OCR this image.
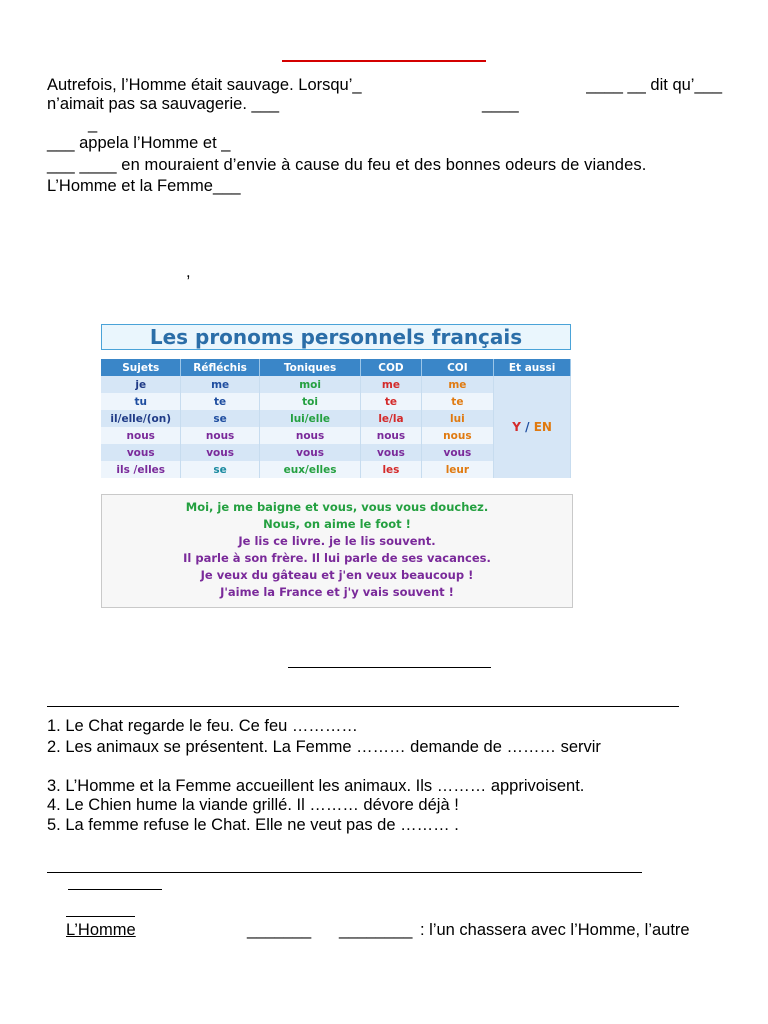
Autrefois, l’Homme était sauvage. Lorsqu’_	____ __ dit qu’___
n’aimait pas sa sauvagerie. ___	____
_
___ appela l’Homme et _
___ ____ en mouraient d’envie à cause du feu et des bonnes odeurs de viandes.
L’Homme et la Femme___
,
Les pronoms personnels français
Sujets	Réfléchis	Toniques	COD	COI	Et aussi
je	me	moi	me	me	Y / EN
tu	te	toi	te	te	
il/elle/(on)	se	lui/elle	le/la	lui	
nous	nous	nous	nous	nous	
vous	vous	vous	vous	vous	
ils /elles	se	eux/elles	les	leur	
Moi, je me baigne et vous, vous vous douchez.
Nous, on aime le foot !
Je lis ce livre. je le lis souvent.
Il parle à son frère. Il lui parle de ses vacances.
Je veux du gâteau et j'en veux beaucoup !
J'aime la France et j'y vais souvent !
1. Le Chat regarde le feu. Ce feu …………
2. Les animaux se présentent. La Femme ……… demande de ……… servir
3. L’Homme et la Femme accueillent les animaux. Ils ……… apprivoisent.
4. Le Chien hume la viande grillé. Il ……… dévore déjà !
5. La femme refuse le Chat. Elle ne veut pas de ……… .
L’Homme	_______ ________ : l’un chassera avec l’Homme, l’autre
